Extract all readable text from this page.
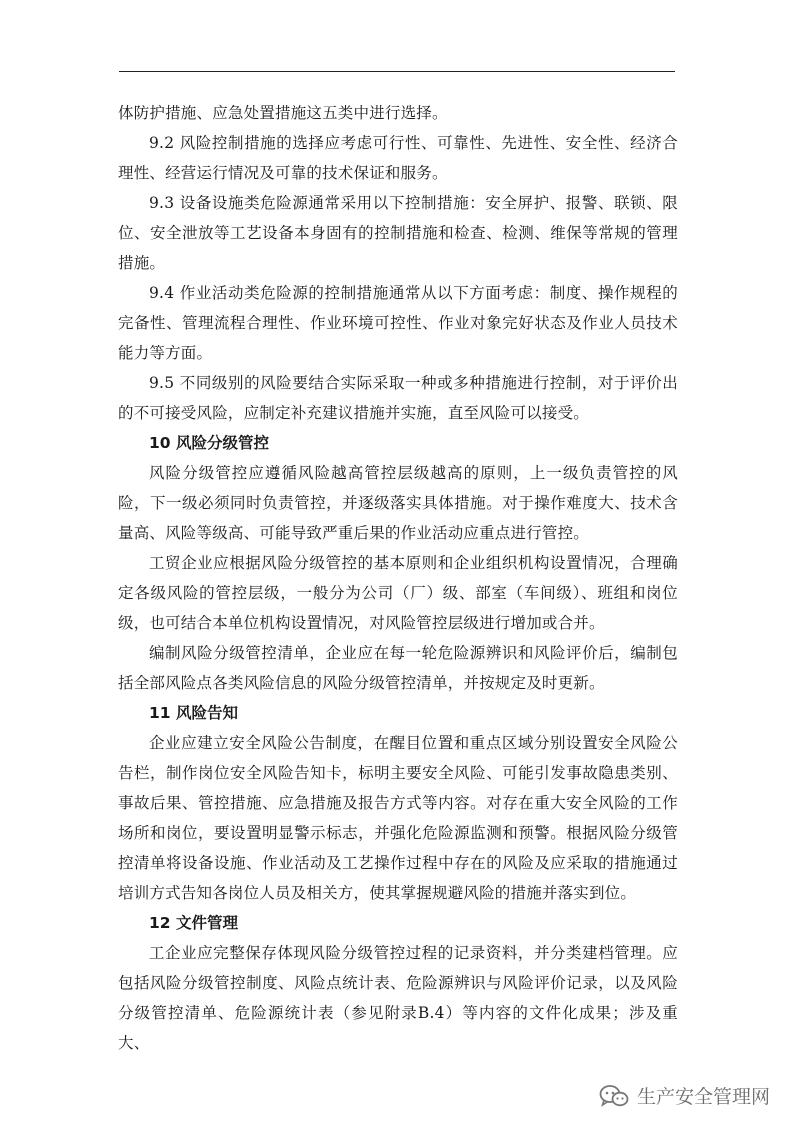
体防护措施、应急处置措施这五类中进行选择。

9.2 风险控制措施的选择应考虑可行性、可靠性、先进性、安全性、经济合理性、经营运行情况及可靠的技术保证和服务。

9.3 设备设施类危险源通常采用以下控制措施：安全屏护、报警、联锁、限位、安全泄放等工艺设备本身固有的控制措施和检查、检测、维保等常规的管理措施。

9.4 作业活动类危险源的控制措施通常从以下方面考虑：制度、操作规程的完备性、管理流程合理性、作业环境可控性、作业对象完好状态及作业人员技术能力等方面。

9.5 不同级别的风险要结合实际采取一种或多种措施进行控制，对于评价出的不可接受风险，应制定补充建议措施并实施，直至风险可以接受。

10 风险分级管控

风险分级管控应遵循风险越高管控层级越高的原则，上一级负责管控的风险，下一级必须同时负责管控，并逐级落实具体措施。对于操作难度大、技术含量高、风险等级高、可能导致严重后果的作业活动应重点进行管控。

工贸企业应根据风险分级管控的基本原则和企业组织机构设置情况，合理确定各级风险的管控层级，一般分为公司（厂）级、部室（车间级）、班组和岗位级，也可结合本单位机构设置情况，对风险管控层级进行增加或合并。

编制风险分级管控清单，企业应在每一轮危险源辨识和风险评价后，编制包括全部风险点各类风险信息的风险分级管控清单，并按规定及时更新。

11 风险告知

企业应建立安全风险公告制度，在醒目位置和重点区域分别设置安全风险公告栏，制作岗位安全风险告知卡，标明主要安全风险、可能引发事故隐患类别、事故后果、管控措施、应急措施及报告方式等内容。对存在重大安全风险的工作场所和岗位，要设置明显警示标志，并强化危险源监测和预警。根据风险分级管控清单将设备设施、作业活动及工艺操作过程中存在的风险及应采取的措施通过培训方式告知各岗位人员及相关方，使其掌握规避风险的措施并落实到位。

12 文件管理

工企业应完整保存体现风险分级管控过程的记录资料，并分类建档管理。应包括风险分级管控制度、风险点统计表、危险源辨识与风险评价记录，以及风险分级管控清单、危险源统计表（参见附录B.4）等内容的文件化成果；涉及重大、

生产安全管理网
